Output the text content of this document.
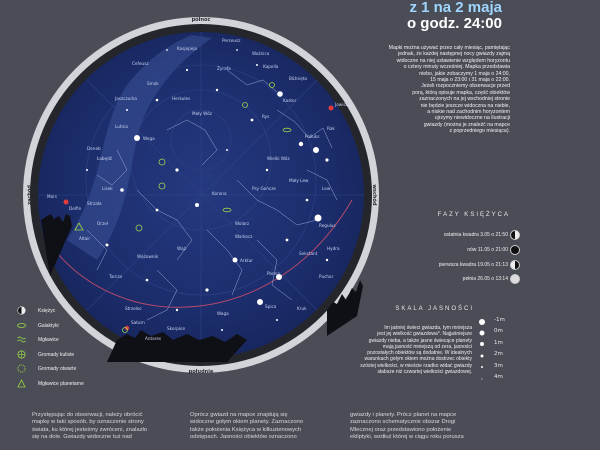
z 1 na 2 maja
o godz. 24:00
Wega
Herkules
Lutnia
Łabędź
Deneb
Mały Wóz
Smok
Kasjopeja
Cefeusz
Wielki Wóz
Lew
Regulus
Panna
Spica
Arktur
Wolarz
Korona
Wąż
Wężownik
Orzeł
Altair
Skorpion
Antares
Waga
Kruk
Puchar
Hydra
Rak
Bliźnięta
Kastor
Polluks
Woźnica
Kapella
Perseusz
Rys
Żyrafa
Jaszczurka
Strzała
Lisek
Delfin
Tarcza
Strzelec
Saturn
Mars
Jowisz
Psy Gończe
Warkocz
Mały Lew
Sekstant
północ
południe
zachód	wschód

Mapki można używać przez cały miesiąc, pamiętając

jednak, że każdej następnej nocy gwiazdy zajmą

widoczne na niej ustawienie względem horyzontu

o cztery minuty wcześniej. Mapka przedstawia

niebo, jakie zobaczymy 1 maja o 24:00,

15 maja o 23:00 i 31 maja o 22:00.

Jeżeli rozpoczniemy obserwacje przed

porą, którą opisuje mapka, część obiektów

zaznaczonych na jej wschodniej stronie

nie będzie jeszcze widoczna na niebie,

a niskie nad zachodnim horyzontem

ujrzymy niewidoczne na ilustracji

gwiazdy (można je znaleźć na mapce

z poprzedniego miesiąca).

FAZY KSIĘŻYCA
ostatnia kwadra 3.05 o 21:50
nów 11.05 o 21:00
pierwsza kwadra 19.05 o 21:13
pełnia 26.05 o 13:14
SKALA JASNOŚCI

Im jaśniej świeci gwiazda, tym mniejsza

jest jej wielkość gwiazdowa*. Najjaśniejsze

gwiazdy nieba, a także jasne świecące planety

mają jasność mniejszą od zera, jasności

pozostałych obiektów są dodatnie. W idealnych

warunkach gołym okiem można dostrzec obiekty

szóstej wielkości, w mieście rzadko widać gwiazdy

słabsze niż czwartej wielkości gwiazdowej.

-1m
0m
1m
2m
3m
4m
Księżyc
Galaktyki
Mgławice
Gromady kuliste
Gromady otwarte
Mgławice planetarne

Przystępując do obserwacji, należy obrócić

mapkę w taki sposób, by oznaczenie strony

świata, ku której jesteśmy zwróceni, znalazło

się na dole. Gwiazdy widoczne tuż nad

Oprócz gwiazd na mapce znajdują się

widoczne gołym okiem planety. Zaznaczono

także położenia Księżyca w kilkuzienowych

odstępach. Jasności obiektów oznaczono

gwiazdy i planety. Prócz planet na mapce

zaznaczono schematycznie obszar Drogi

Mlecznej oraz przedstawiono położenie

ekliptyki, wzdłuż której w ciągu roku porusza
